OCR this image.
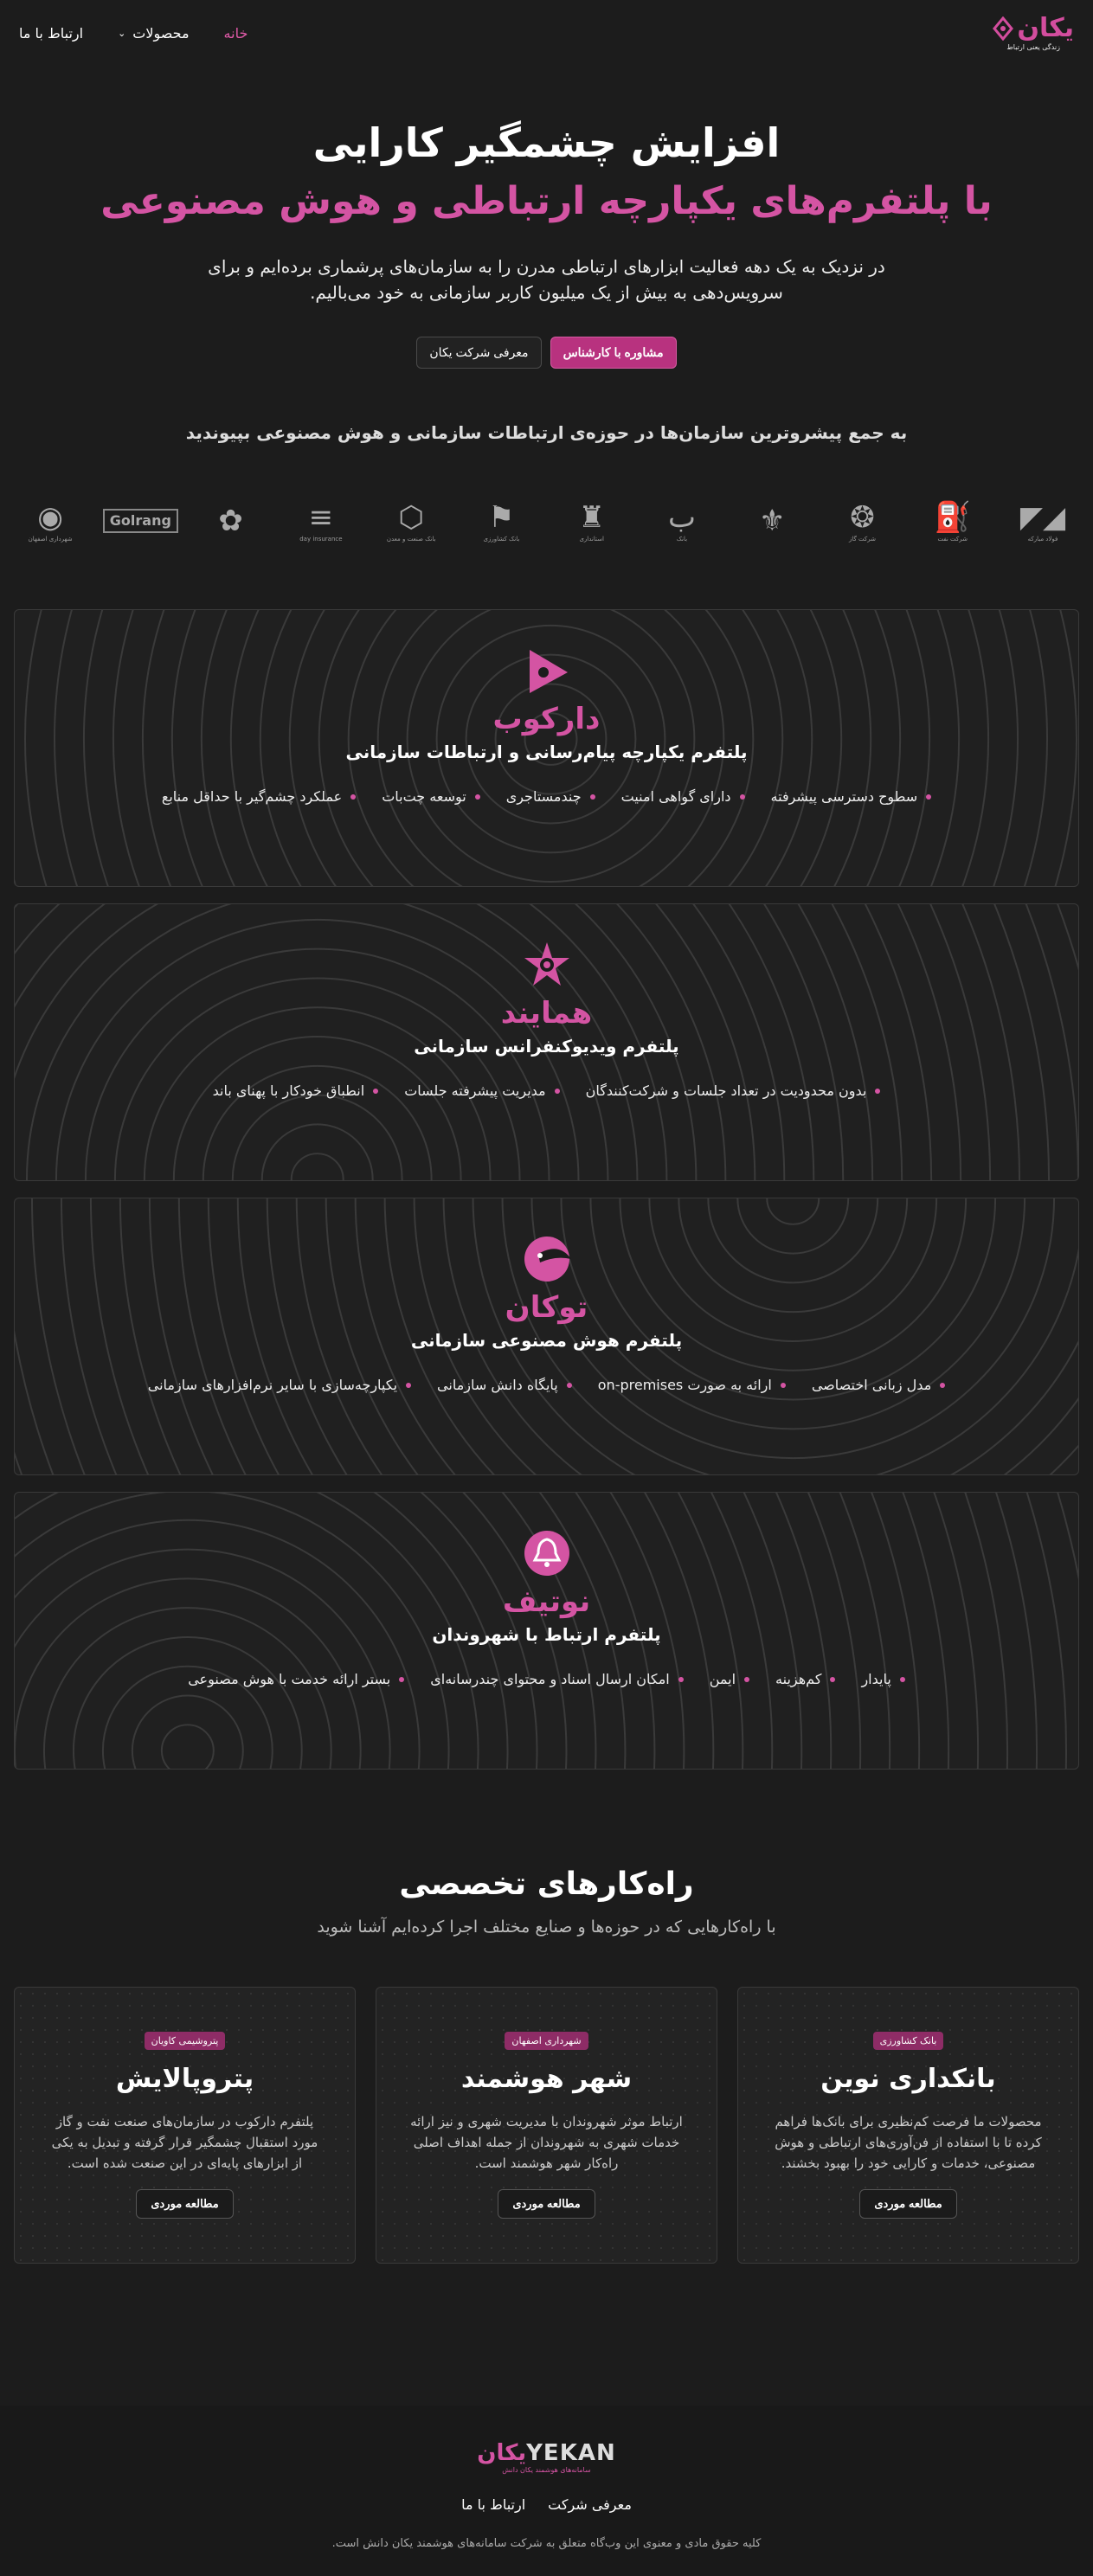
یکان
زندگی یعنی ارتباط
خانه
محصولات
⌄
ارتباط با ما
افزایش چشمگیر کارایی
با پلتفرم‌های یکپارچه ارتباطی و هوش مصنوعی

در نزدیک به یک دهه فعالیت ابزارهای ارتباطی مدرن را به سازمان‌های پرشماری برده‌ایم و برای سرویس‌دهی به بیش از یک میلیون کاربر سازمانی به خود می‌بالیم.

مشاوره با کارشناس
معرفی شرکت یکان
به جمع پیشروترین سازمان‌ها در حوزه‌ی ارتباطات سازمانی و هوش مصنوعی بپیوندید
◢◤
فولاد مبارکه
⛽
شرکت نفت
❂
شرکت گاز
⚜
ب
بانک
♜
استانداری
⚑
بانک کشاورزی
⬡
بانک صنعت و معدن
≡
day insurance
✿
Golrang
◉
شهرداری اصفهان
دارکوب
پلتفرم یکپارچه پیام‌رسانی و ارتباطات سازمانی
سطوح دسترسی پیشرفته
دارای گواهی امنیت
چندمستاجری
توسعه چت‌بات
عملکرد چشم‌گیر با حداقل منابع
همایند
پلتفرم ویدیوکنفرانس سازمانی
بدون محدودیت در تعداد جلسات و شرکت‌کنندگان
مدیریت پیشرفته جلسات
انطباق خودکار با پهنای باند
توکان
پلتفرم هوش مصنوعی سازمانی
مدل زبانی اختصاصی
ارائه به صورت on-premises
پایگاه دانش سازمانی
یکپارچه‌سازی با سایر نرم‌افزارهای سازمانی
نوتیف
پلتفرم ارتباط با شهروندان
پایدار
کم‌هزینه
ایمن
امکان ارسال اسناد و محتوای چندرسانه‌ای
بستر ارائه خدمت با هوش مصنوعی
راه‌کارهای تخصصی

با راه‌کارهایی که در حوزه‌ها و صنایع مختلف اجرا کرده‌ایم آشنا شوید

بانک کشاورزی

بانکداری نوین

محصولات ما فرصت کم‌نظیری برای بانک‌ها فراهم کرده تا با استفاده از فن‌آوری‌های ارتباطی و هوش مصنوعی، خدمات و کارایی خود را بهبود بخشند.

مطالعه موردی
شهرداری اصفهان

شهر هوشمند

ارتباط موثر شهروندان با مدیریت شهری و نیز ارائه خدمات شهری به شهروندان از جمله اهداف اصلی راه‌کار شهر هوشمند است.

مطالعه موردی
پتروشیمی کاویان

پتروپالایش

پلتفرم دارکوب در سازمان‌های صنعت نفت و گاز مورد استقبال چشمگیر قرار گرفته و تبدیل به یکی از ابزارهای پایه‌ای در این صنعت شده است.

مطالعه موردی
YEKANیکان
سامانه‌های هوشمند یکان دانش
معرفی شرکت
ارتباط با ما

کلیه حقوق مادی و معنوی این وب‌گاه متعلق به شرکت سامانه‌های هوشمند یکان دانش است.
